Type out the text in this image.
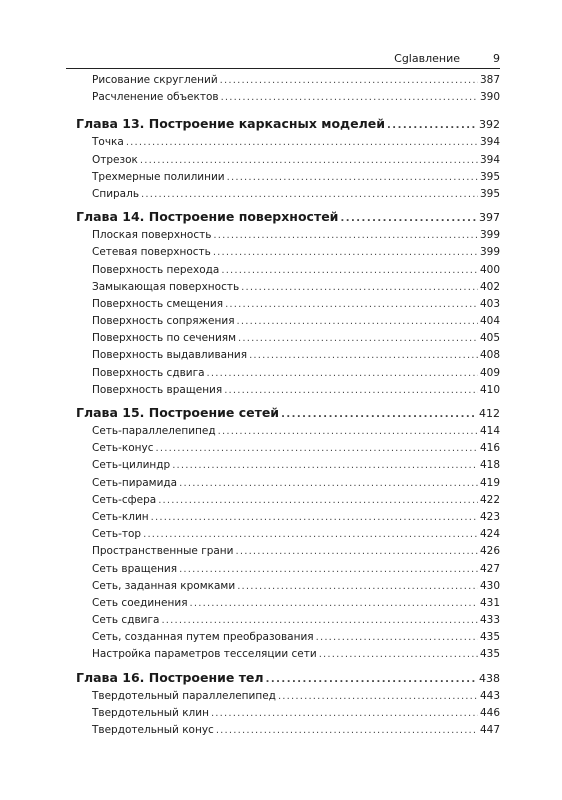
Сglавление	9
Рисование скруглений . . .	387
Расчленение объектов . . .	390
Глава 13. Построение каркасных моделей . . .	392
Точка . . .	394
Отрезок . . .	394
Трехмерные полилинии . . .	395
Спираль . . .	395
Глава 14. Построение поверхностей . . .	397
Плоская поверхность . . .	399
Сетевая поверхность . . .	399
Поверхность перехода . . .	400
Замыкающая поверхность . . .	402
Поверхность смещения . . .	403
Поверхность сопряжения . . .	404
Поверхность по сечениям . . .	405
Поверхность выдавливания . . .	408
Поверхность сдвига . . .	409
Поверхность вращения . . .	410
Глава 15. Построение сетей . . .	412
Сеть-параллелепипед . . .	414
Сеть-конус . . .	416
Сеть-цилиндр . . .	418
Сеть-пирамида . . .	419
Сеть-сфера . . .	422
Сеть-клин . . .	423
Сеть-тор . . .	424
Пространственные грани . . .	426
Сеть вращения . . .	427
Сеть, заданная кромками . . .	430
Сеть соединения . . .	431
Сеть сдвига . . .	433
Сеть, созданная путем преобразования . . .	435
Настройка параметров тесселяции сети . . .	435
Глава 16. Построение тел . . .	438
Твердотельный параллелепипед . . .	443
Твердотельный клин . . .	446
Твердотельный конус . . .	447
